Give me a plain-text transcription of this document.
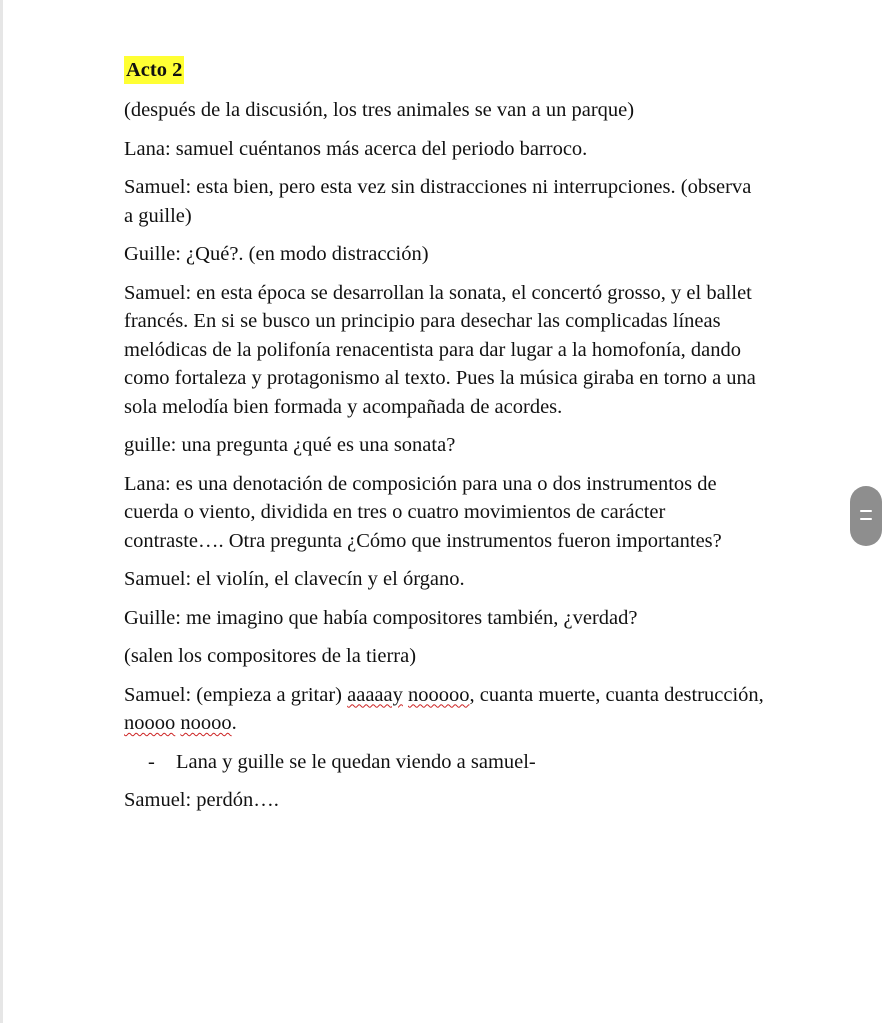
Acto 2

(después de la discusión, los tres animales se van a un parque)

Lana: samuel cuéntanos más acerca del periodo barroco.

Samuel: esta bien, pero esta vez sin distracciones ni interrupciones. (observa a guille)

Guille: ¿Qué?. (en modo distracción)

Samuel: en esta época se desarrollan la sonata, el concertó grosso, y el ballet francés. En si se busco un principio para desechar las complicadas líneas melódicas de la polifonía renacentista para dar lugar a la homofonía, dando como fortaleza y protagonismo al texto. Pues la música giraba en torno a una sola melodía bien formada y acompañada de acordes.

guille: una pregunta ¿qué es una sonata?

Lana: es una denotación de composición para una o dos instrumentos de cuerda o viento, dividida en tres o cuatro movimientos de carácter contraste…. Otra pregunta ¿Cómo que instrumentos fueron importantes?

Samuel: el violín, el clavecín y el órgano.

Guille: me imagino que había compositores también, ¿verdad?

(salen los compositores de la tierra)

Samuel: (empieza a gritar) aaaaay nooooo, cuanta muerte, cuanta destrucción, noooo noooo.

- Lana y guille se le quedan viendo a samuel-

Samuel: perdón….
